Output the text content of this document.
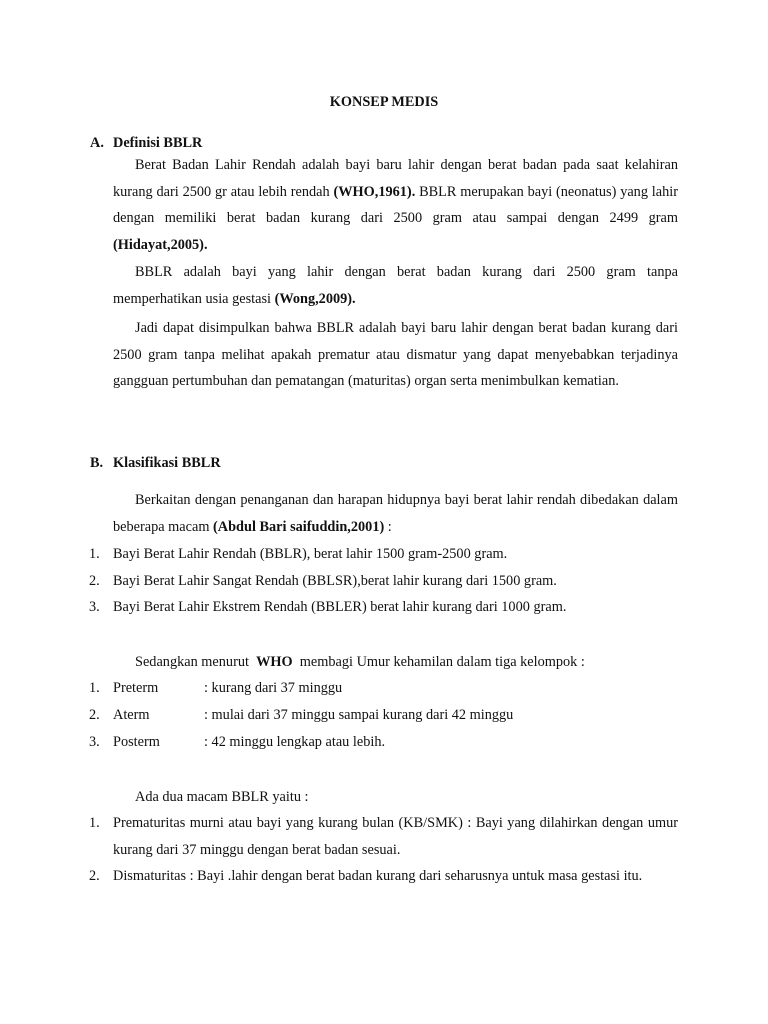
KONSEP MEDIS
A. Definisi BBLR

Berat Badan Lahir Rendah adalah bayi baru lahir dengan berat badan pada saat kelahiran kurang dari 2500 gr atau lebih rendah (WHO,1961). BBLR merupakan bayi (neonatus) yang lahir dengan memiliki berat badan kurang dari 2500 gram atau sampai dengan 2499 gram (Hidayat,2005).

BBLR adalah bayi yang lahir dengan berat badan kurang dari 2500 gram tanpa memperhatikan usia gestasi (Wong,2009).

Jadi dapat disimpulkan bahwa BBLR adalah bayi baru lahir dengan berat badan kurang dari 2500 gram tanpa melihat apakah prematur atau dismatur yang dapat menyebabkan terjadinya gangguan pertumbuhan dan pematangan (maturitas) organ serta menimbulkan kematian.

B. Klasifikasi BBLR

Berkaitan dengan penanganan dan harapan hidupnya bayi berat lahir rendah dibedakan dalam beberapa macam (Abdul Bari saifuddin,2001) :

1. Bayi Berat Lahir Rendah (BBLR), berat lahir 1500 gram-2500 gram.
2. Bayi Berat Lahir Sangat Rendah (BBLSR),berat lahir kurang dari 1500 gram.
3. Bayi Berat Lahir Ekstrem Rendah (BBLER) berat lahir kurang dari 1000 gram.

Sedangkan menurut  WHO  membagi Umur kehamilan dalam tiga kelompok :

1. Preterm	: kurang dari 37 minggu
2. Aterm	: mulai dari 37 minggu sampai kurang dari 42 minggu
3. Posterm	: 42 minggu lengkap atau lebih.

Ada dua macam BBLR yaitu :

1. Prematuritas murni atau bayi yang kurang bulan (KB/SMK) : Bayi yang dilahirkan dengan umur kurang dari 37 minggu dengan berat badan sesuai.
2. Dismaturitas : Bayi .lahir dengan berat badan kurang dari seharusnya untuk masa gestasi itu.
